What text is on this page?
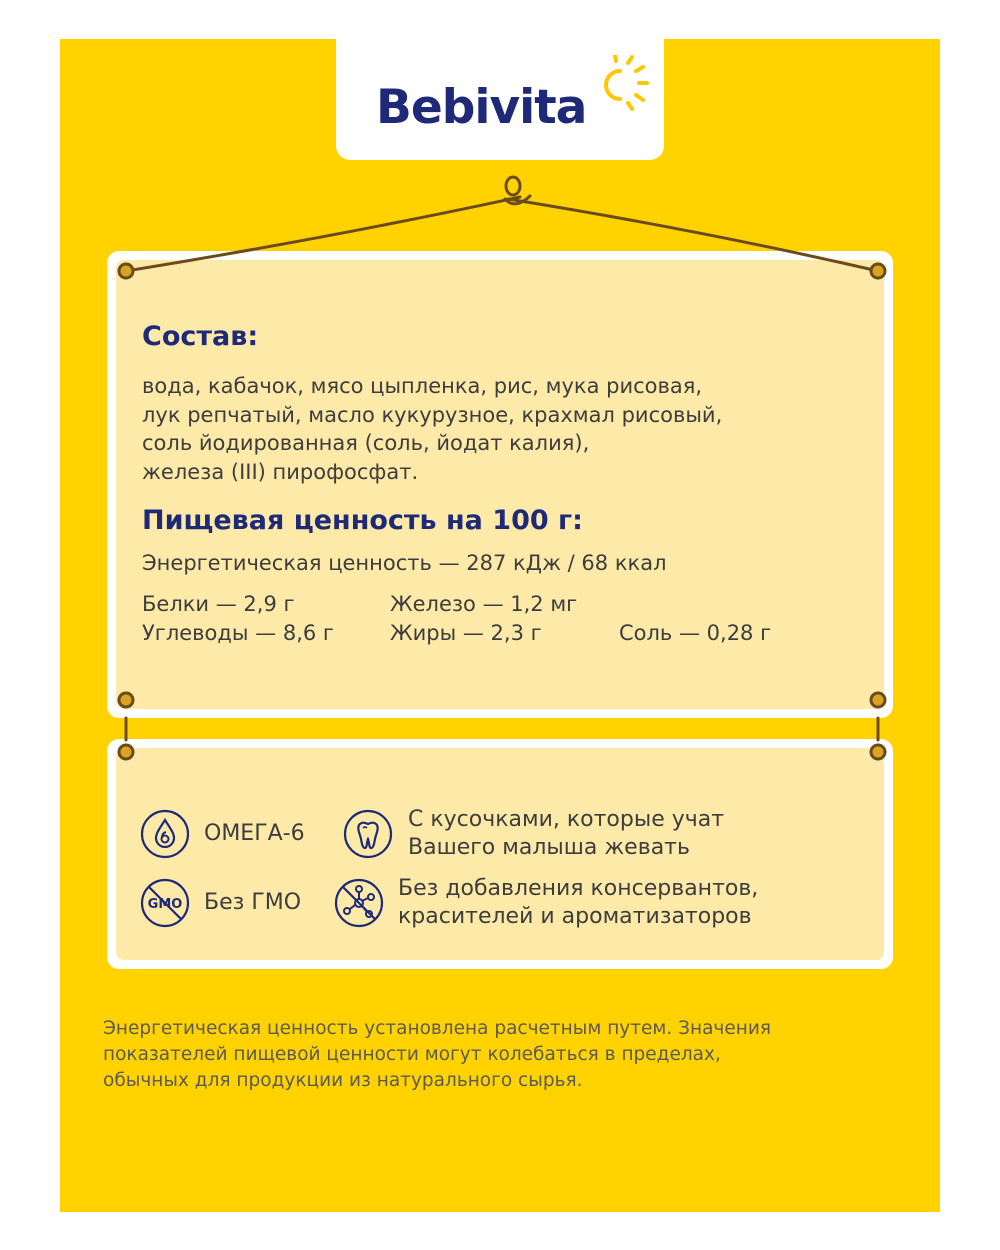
Bebivita
Состав:
вода, кабачок, мясо цыпленка, рис, мука рисовая,
лук репчатый, масло кукурузное, крахмал рисовый,
соль йодированная (соль, йодат калия),
железа (III) пирофосфат.
Пищевая ценность на 100 г:
Энергетическая ценность — 287 кДж / 68 ккал
Белки — 2,9 г	Железо — 1,2 мг
Углеводы — 8,6 г	Жиры — 2,3 г	Соль — 0,28 г
ОМЕГА-6
С кусочками, которые учат
Вашего малыша жевать
GMO Без ГМО
Без добавления консервантов,
красителей и ароматизаторов
Энергетическая ценность установлена расчетным путем. Значения
показателей пищевой ценности могут колебаться в пределах,
обычных для продукции из натурального сырья.
